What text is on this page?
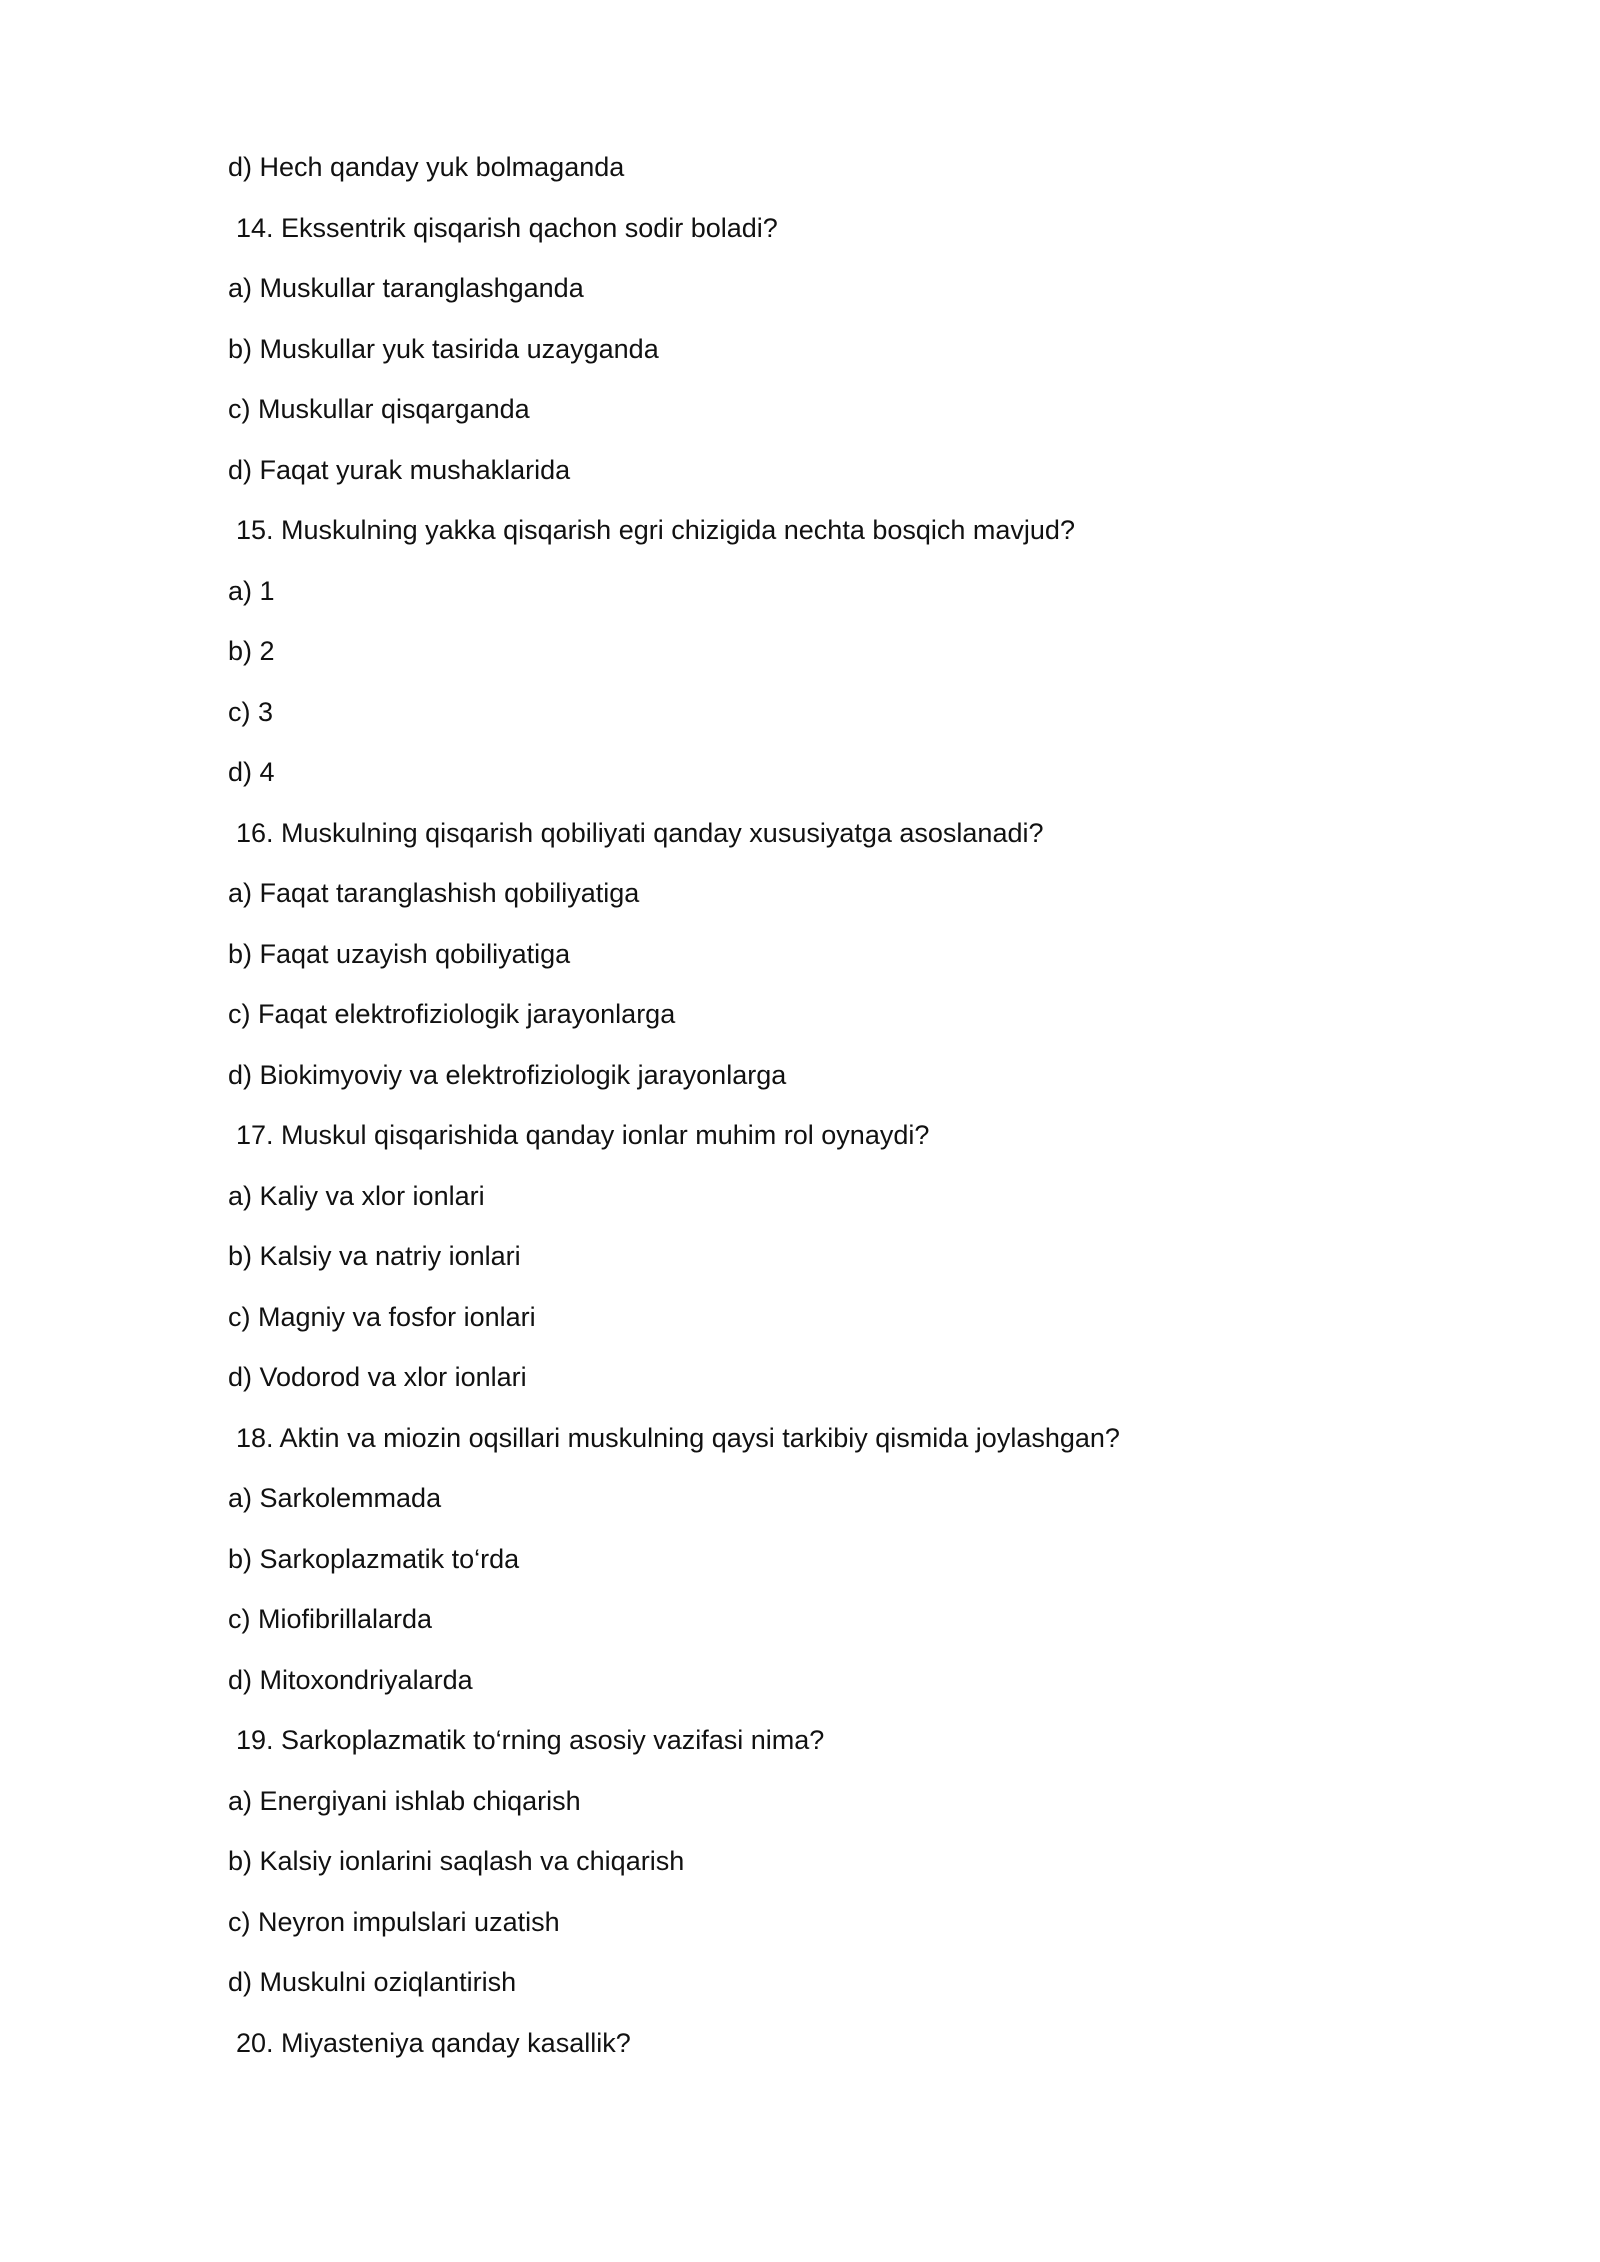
d) Hech qanday yuk bolmaganda
14. Ekssentrik qisqarish qachon sodir boladi?
a) Muskullar taranglashganda
b) Muskullar yuk tasirida uzayganda
c) Muskullar qisqarganda
d) Faqat yurak mushaklarida
15. Muskulning yakka qisqarish egri chizigida nechta bosqich mavjud?
a) 1
b) 2
c) 3
d) 4
16. Muskulning qisqarish qobiliyati qanday xususiyatga asoslanadi?
a) Faqat taranglashish qobiliyatiga
b) Faqat uzayish qobiliyatiga
c) Faqat elektrofiziologik jarayonlarga
d) Biokimyoviy va elektrofiziologik jarayonlarga
17. Muskul qisqarishida qanday ionlar muhim rol oynaydi?
a) Kaliy va xlor ionlari
b) Kalsiy va natriy ionlari
c) Magniy va fosfor ionlari
d) Vodorod va xlor ionlari
18. Aktin va miozin oqsillari muskulning qaysi tarkibiy qismida joylashgan?
a) Sarkolemmada
b) Sarkoplazmatik to‘rda
c) Miofibrillalarda
d) Mitoxondriyalarda
19. Sarkoplazmatik to‘rning asosiy vazifasi nima?
a) Energiyani ishlab chiqarish
b) Kalsiy ionlarini saqlash va chiqarish
c) Neyron impulslari uzatish
d) Muskulni oziqlantirish
20. Miyasteniya qanday kasallik?
